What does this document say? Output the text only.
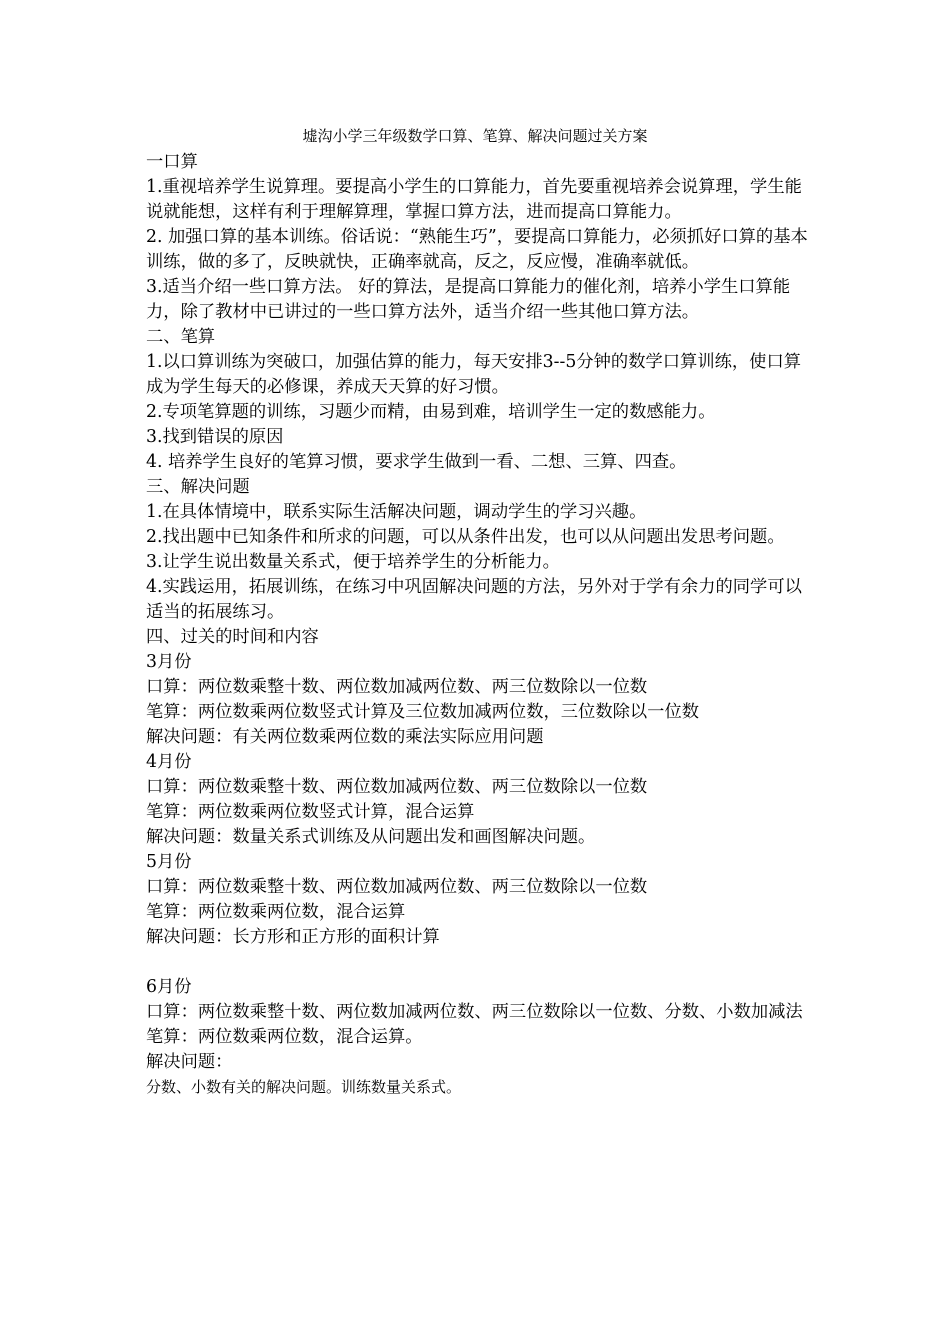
墟沟小学三年级数学口算、笔算、解决问题过关方案

一口算

1.重视培养学生说算理。要提高小学生的口算能力，首先要重视培养会说算理，学生能说就能想，这样有利于理解算理，掌握口算方法，进而提高口算能力。

2. 加强口算的基本训练。俗话说：“熟能生巧”，要提高口算能力，必须抓好口算的基本训练，做的多了，反映就快，正确率就高，反之，反应慢，准确率就低。

3.适当介绍一些口算方法。 好的算法，是提高口算能力的催化剂，培养小学生口算能力，除了教材中已讲过的一些口算方法外，适当介绍一些其他口算方法。

二、笔算

1.以口算训练为突破口，加强估算的能力，每天安排3--5分钟的数学口算训练，使口算成为学生每天的必修课，养成天天算的好习惯。

2.专项笔算题的训练，习题少而精，由易到难，培训学生一定的数感能力。

3.找到错误的原因

4. 培养学生良好的笔算习惯，要求学生做到一看、二想、三算、四查。

三、解决问题

1.在具体情境中，联系实际生活解决问题，调动学生的学习兴趣。

2.找出题中已知条件和所求的问题，可以从条件出发，也可以从问题出发思考问题。

3.让学生说出数量关系式，便于培养学生的分析能力。

4.实践运用，拓展训练，在练习中巩固解决问题的方法，另外对于学有余力的同学可以适当的拓展练习。

四、过关的时间和内容

3月份

口算：两位数乘整十数、两位数加减两位数、两三位数除以一位数

笔算：两位数乘两位数竖式计算及三位数加减两位数，三位数除以一位数

解决问题：有关两位数乘两位数的乘法实际应用问题

4月份

口算：两位数乘整十数、两位数加减两位数、两三位数除以一位数

笔算：两位数乘两位数竖式计算，混合运算

解决问题：数量关系式训练及从问题出发和画图解决问题。

5月份

口算：两位数乘整十数、两位数加减两位数、两三位数除以一位数

笔算：两位数乘两位数，混合运算

解决问题：长方形和正方形的面积计算

6月份

口算：两位数乘整十数、两位数加减两位数、两三位数除以一位数、分数、小数加减法

笔算：两位数乘两位数，混合运算。

解决问题：

分数、小数有关的解决问题。训练数量关系式。
